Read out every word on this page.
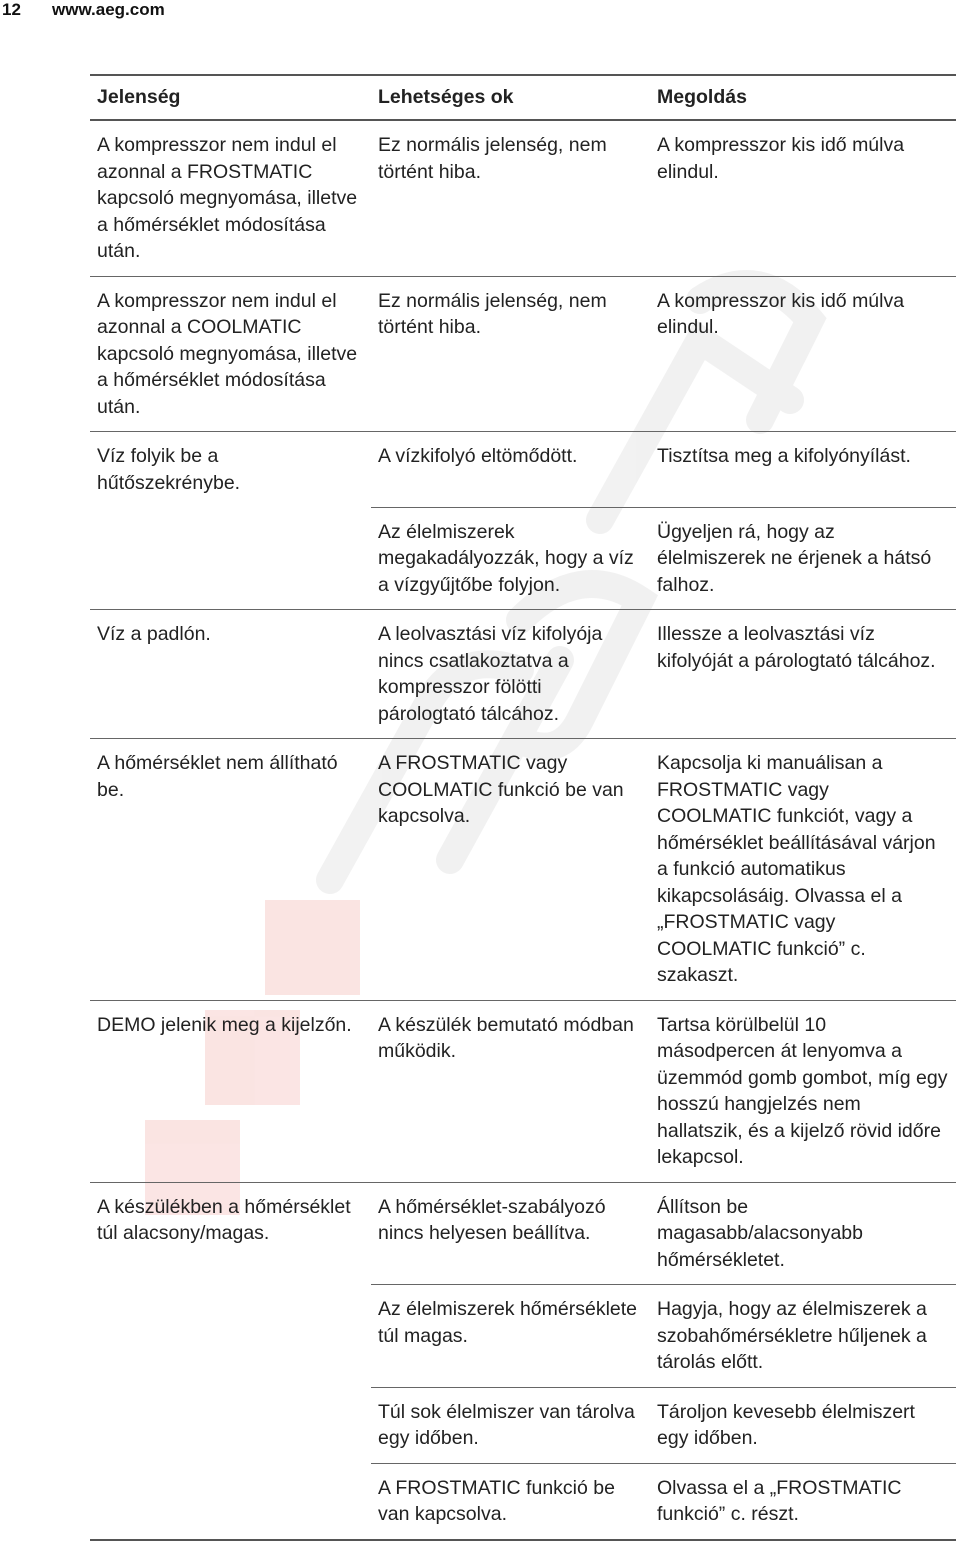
12 www.aeg.com
Jelenség	Lehetséges ok	Megoldás
A kompresszor nem indul el azonnal a FROSTMATIC kapcsoló megnyomása, illetve a hőmérséklet módosítása után.	Ez normális jelenség, nem történt hiba.	A kompresszor kis idő múlva elindul.
A kompresszor nem indul el azonnal a COOLMATIC kapcsoló megnyomása, illetve a hőmérséklet módosítása után.	Ez normális jelenség, nem történt hiba.	A kompresszor kis idő múlva elindul.
Víz folyik be a hűtőszekrénybe.	A vízkifolyó eltömődött.	Tisztítsa meg a kifolyónyílást.
	Az élelmiszerek megakadályozzák, hogy a víz a vízgyűjtőbe folyjon.	Ügyeljen rá, hogy az élelmiszerek ne érjenek a hátsó falhoz.
Víz a padlón.	A leolvasztási víz kifolyója nincs csatlakoztatva a kompresszor fölötti párologtató tálcához.	Illessze a leolvasztási víz kifolyóját a párologtató tálcához.
A hőmérséklet nem állítható be.	A FROSTMATIC vagy COOLMATIC funkció be van kapcsolva.	Kapcsolja ki manuálisan a FROSTMATIC vagy COOLMATIC funkciót, vagy a hőmérséklet beállításával várjon a funkció automatikus kikapcsolásáig. Olvassa el a „FROSTMATIC vagy COOLMATIC funkció” c. szakaszt.
DEMO jelenik meg a kijelzőn.	A készülék bemutató módban működik.	Tartsa körülbelül 10 másodpercen át lenyomva a üzemmód gomb gombot, míg egy hosszú hangjelzés nem hallatszik, és a kijelző rövid időre lekapcsol.
A készülékben a hőmérséklet túl alacsony/magas.	A hőmérséklet-szabályozó nincs helyesen beállítva.	Állítson be magasabb/alacsonyabb hőmérsékletet.
	Az élelmiszerek hőmérséklete túl magas.	Hagyja, hogy az élelmiszerek a szobahőmérsékletre hűljenek a tárolás előtt.
	Túl sok élelmiszer van tárolva egy időben.	Tároljon kevesebb élelmiszert egy időben.
	A FROSTMATIC funkció be van kapcsolva.	Olvassa el a „FROSTMATIC funkció” c. részt.
